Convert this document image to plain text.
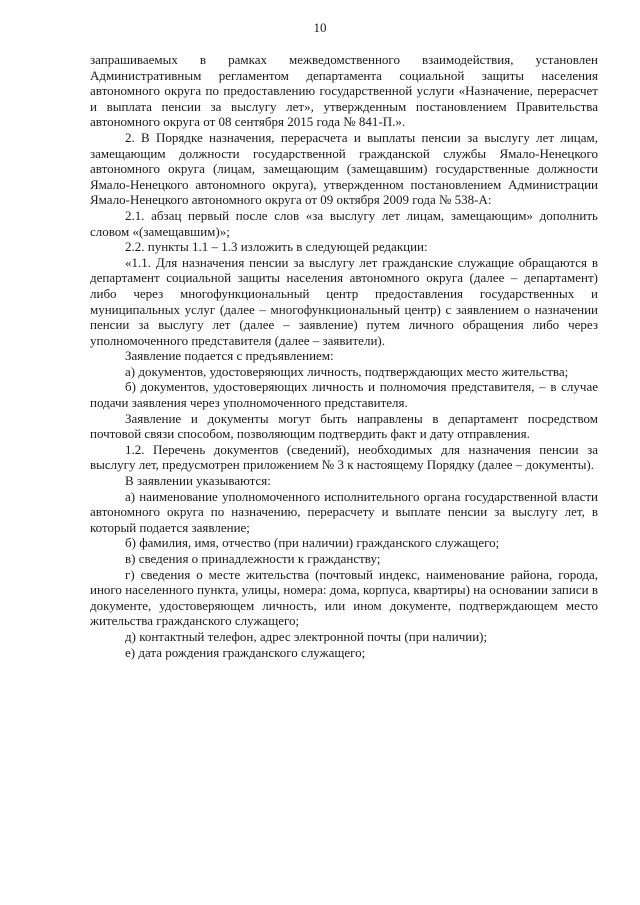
10

запрашиваемых в рамках межведомственного взаимодействия, установлен Административным регламентом департамента социальной защиты населения автономного округа по предоставлению государственной услуги «Назначение, перерасчет и выплата пенсии за выслугу лет», утвержденным постановлением Правительства автономного округа от 08 сентября 2015 года № 841-П.».

2. В Порядке назначения, перерасчета и выплаты пенсии за выслугу лет лицам, замещающим должности государственной гражданской службы Ямало-Ненецкого автономного округа (лицам, замещающим (замещавшим) государственные должности Ямало-Ненецкого автономного округа), утвержденном постановлением Администрации Ямало-Ненецкого автономного округа от 09 октября 2009 года № 538-А:

2.1. абзац первый после слов «за выслугу лет лицам, замещающим» дополнить словом «(замещавшим)»;

2.2. пункты 1.1 – 1.3 изложить в следующей редакции:

«1.1. Для назначения пенсии за выслугу лет гражданские служащие обращаются в департамент социальной защиты населения автономного округа (далее – департамент) либо через многофункциональный центр предоставления государственных и муниципальных услуг (далее – многофункциональный центр) с заявлением о назначении пенсии за выслугу лет (далее – заявление) путем личного обращения либо через уполномоченного представителя (далее – заявители).

Заявление подается с предъявлением:

а) документов, удостоверяющих личность, подтверждающих место жительства;

б) документов, удостоверяющих личность и полномочия представителя, – в случае подачи заявления через уполномоченного представителя.

Заявление и документы могут быть направлены в департамент посредством почтовой связи способом, позволяющим подтвердить факт и дату отправления.

1.2. Перечень документов (сведений), необходимых для назначения пенсии за выслугу лет, предусмотрен приложением № 3 к настоящему Порядку (далее – документы).

В заявлении указываются:

а) наименование уполномоченного исполнительного органа государственной власти автономного округа по назначению, перерасчету и выплате пенсии за выслугу лет, в который подается заявление;

б) фамилия, имя, отчество (при наличии) гражданского служащего;

в) сведения о принадлежности к гражданству;

г) сведения о месте жительства (почтовый индекс, наименование района, города, иного населенного пункта, улицы, номера: дома, корпуса, квартиры) на основании записи в документе, удостоверяющем личность, или ином документе, подтверждающем место жительства гражданского служащего;

д) контактный телефон, адрес электронной почты (при наличии);

е) дата рождения гражданского служащего;
